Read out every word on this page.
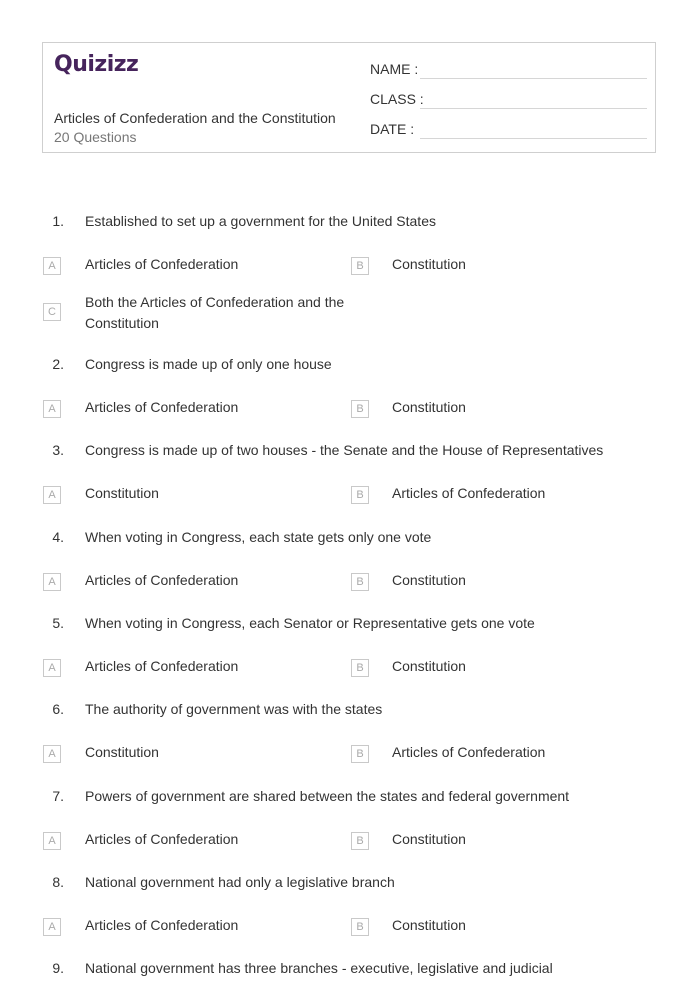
Quizizz
Articles of Confederation and the Constitution
20 Questions
NAME :
CLASS :
DATE :
1. Established to set up a government for the United States
A	Articles of Confederation	B	Constitution
C
Both the Articles of Confederation and the Constitution
2. Congress is made up of only one house
A	Articles of Confederation	B	Constitution
3. Congress is made up of two houses - the Senate and the House of Representatives
A	Constitution	B	Articles of Confederation
4. When voting in Congress, each state gets only one vote
A	Articles of Confederation	B	Constitution
5. When voting in Congress, each Senator or Representative gets one vote
A	Articles of Confederation	B	Constitution
6. The authority of government was with the states
A	Constitution	B	Articles of Confederation
7. Powers of government are shared between the states and federal government
A	Articles of Confederation	B	Constitution
8. National government had only a legislative branch
A	Articles of Confederation	B	Constitution
9. National government has three branches - executive, legislative and judicial
